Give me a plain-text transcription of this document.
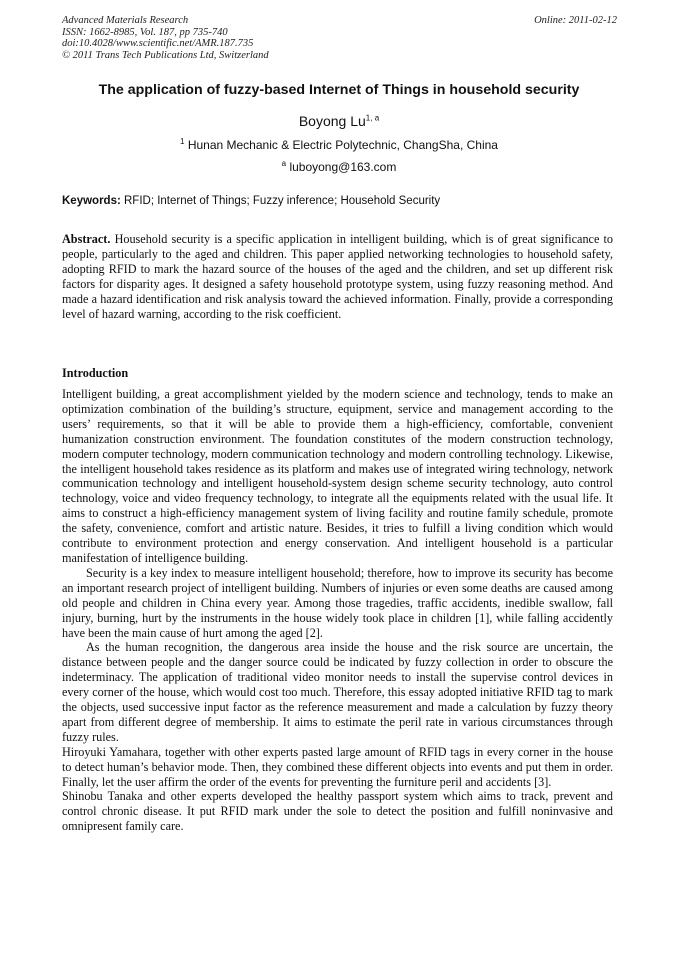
Advanced Materials Research
ISSN: 1662-8985, Vol. 187, pp 735-740
doi:10.4028/www.scientific.net/AMR.187.735
© 2011 Trans Tech Publications Ltd, Switzerland
Online: 2011-02-12
The application of fuzzy-based Internet of Things in household security
Boyong Lu$^{1, a}$
$^1$ Hunan Mechanic & Electric Polytechnic, ChangSha, China
$^a$ luboyong@163.com
Keywords: RFID; Internet of Things; Fuzzy inference; Household Security
Abstract. Household security is a specific application in intelligent building, which is of great significance to people, particularly to the aged and children. This paper applied networking technologies to household safety, adopting RFID to mark the hazard source of the houses of the aged and the children, and set up different risk factors for disparity ages. It designed a safety household prototype system, using fuzzy reasoning method. And made a hazard identification and risk analysis toward the achieved information. Finally, provide a corresponding level of hazard warning, according to the risk coefficient.
Introduction

Intelligent building, a great accomplishment yielded by the modern science and technology, tends to make an optimization combination of the building’s structure, equipment, service and management according to the users’ requirements, so that it will be able to provide them a high-efficiency, comfortable, convenient humanization construction environment. The foundation constitutes of the modern construction technology, modern computer technology, modern communication technology and modern controlling technology. Likewise, the intelligent household takes residence as its platform and makes use of integrated wiring technology, network communication technology and intelligent household-system design scheme security technology, auto control technology, voice and video frequency technology, to integrate all the equipments related with the usual life. It aims to construct a high-efficiency management system of living facility and routine family schedule, promote the safety, convenience, comfort and artistic nature. Besides, it tries to fulfill a living condition which would contribute to environment protection and energy conservation. And intelligent household is a particular manifestation of intelligence building.

Security is a key index to measure intelligent household; therefore, how to improve its security has become an important research project of intelligent building. Numbers of injuries or even some deaths are caused among old people and children in China every year. Among those tragedies, traffic accidents, inedible swallow, fall injury, burning, hurt by the instruments in the house widely took place in children [1], while falling accidently have been the main cause of hurt among the aged [2].

As the human recognition, the dangerous area inside the house and the risk source are uncertain, the distance between people and the danger source could be indicated by fuzzy collection in order to obscure the indeterminacy. The application of traditional video monitor needs to install the supervise control devices in every corner of the house, which would cost too much. Therefore, this essay adopted initiative RFID tag to mark the objects, used successive input factor as the reference measurement and made a calculation by fuzzy theory apart from different degree of membership. It aims to estimate the peril rate in various circumstances through fuzzy rules.

Hiroyuki Yamahara, together with other experts pasted large amount of RFID tags in every corner in the house to detect human’s behavior mode. Then, they combined these different objects into events and put them in order. Finally, let the user affirm the order of the events for preventing the furniture peril and accidents [3].

Shinobu Tanaka and other experts developed the healthy passport system which aims to track, prevent and control chronic disease. It put RFID mark under the sole to detect the position and fulfill noninvasive and omnipresent family care.
